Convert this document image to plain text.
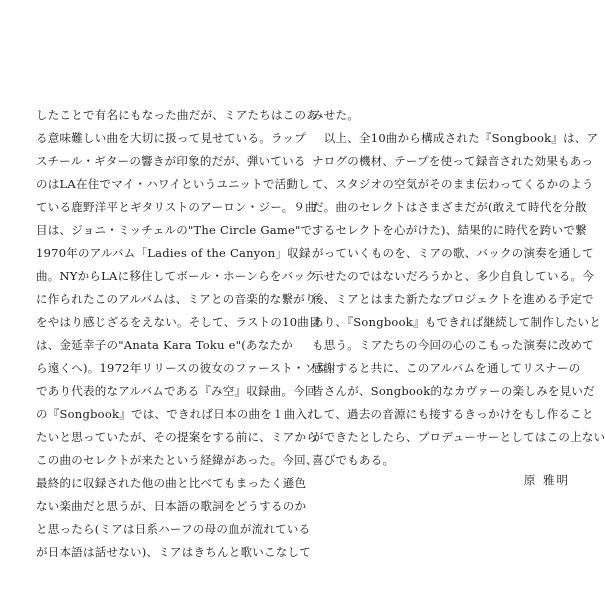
したことで有名にもなった曲だが、ミアたちはこのあ
る意味難しい曲を大切に扱って見せている。ラップ
スチール・ギターの響きが印象的だが、弾いている
のはLA在住でマイ・ハワイというユニットで活動し
ている鹿野洋平とギタリストのアーロン・ジー。９曲
目は、ジョニ・ミッチェルの"The Circle Game"で、
1970年のアルバム「Ladies of the Canyon」収録
曲。NYからLAに移住してボール・ホーンらをバック
に作られたこのアルバムは、ミアとの音楽的な繋がり
をやはり感じざるをえない。そして、ラストの10曲目
は、金延幸子の"Anata Kara Toku e"(あなたか
ら遠くへ)。1972年リリースの彼女のファースト・ソロ
であり代表的なアルバムである『み空』収録曲。今回
の『Songbook』では、できれば日本の曲を１曲入れ
たいと思っていたが、その提案をする前に、ミアから
この曲のセレクトが来たという経緯があった。今回、
最終的に収録された他の曲と比べてもまったく遜色
ない楽曲だと思うが、日本語の歌詞をどうするのか
と思ったら(ミアは日系ハーフの母の血が流れている
が日本語は話せない)、ミアはきちんと歌いこなして
みせた。
　以上、全10曲から構成された『Songbook』は、ア
ナログの機材、テープを使って録音された効果もあっ
て、スタジオの空気がそのまま伝わってくるかのよう
だ。曲のセレクトはさまざまだが(敢えて時代を分散
するセレクトを心がけた)、結果的に時代を跨いで繋
がっていくものを、ミアの歌、バックの演奏を通して
示せたのではないだろうかと、多少自負している。今
後、ミアとはまた新たなプロジェクトを進める予定で
あり、『Songbook』もできれば継続して制作したいと
も思う。ミアたちの今回の心のこもった演奏に改めて
感謝すると共に、このアルバムを通してリスナーの
皆さんが、Songbook的なカヴァーの楽しみを見いだ
して、過去の音源にも接するきっかけをもし作ること
ができたとしたら、プロデューサーとしてはこの上ない
喜びでもある。
原 雅明
